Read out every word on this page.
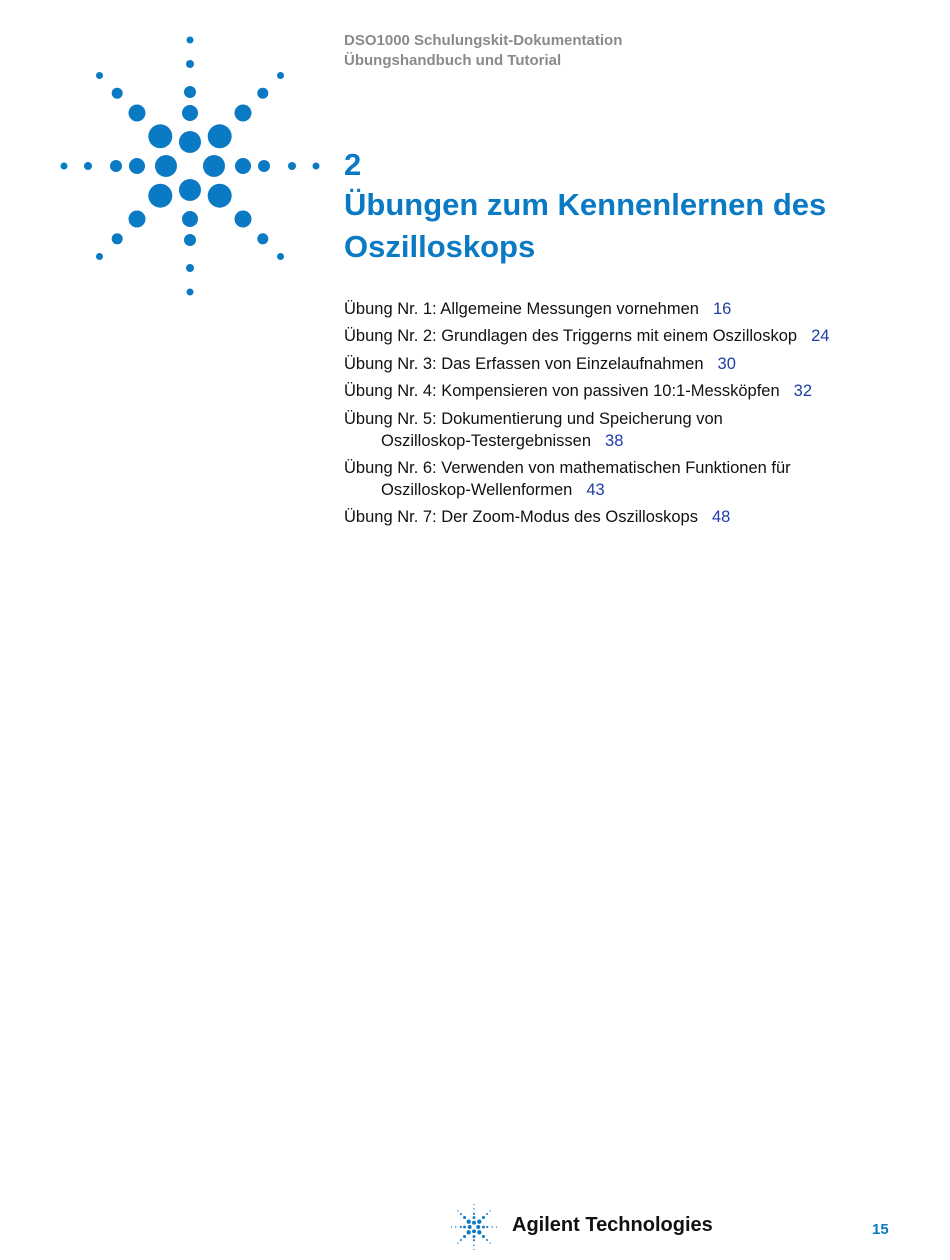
DSO1000 Schulungskit-Dokumentation
Übungshandbuch und Tutorial
2
Übungen zum Kennenlernen des Oszilloskops
Übung Nr. 1: Allgemeine Messungen vornehmen 16
Übung Nr. 2: Grundlagen des Triggerns mit einem Oszilloskop 24
Übung Nr. 3: Das Erfassen von Einzelaufnahmen 30
Übung Nr. 4: Kompensieren von passiven 10:1-Messköpfen 32
Übung Nr. 5: Dokumentierung und Speicherung von
Oszilloskop-Testergebnissen 38
Übung Nr. 6: Verwenden von mathematischen Funktionen für
Oszilloskop-Wellenformen 43
Übung Nr. 7: Der Zoom-Modus des Oszilloskops 48
Agilent Technologies	15
